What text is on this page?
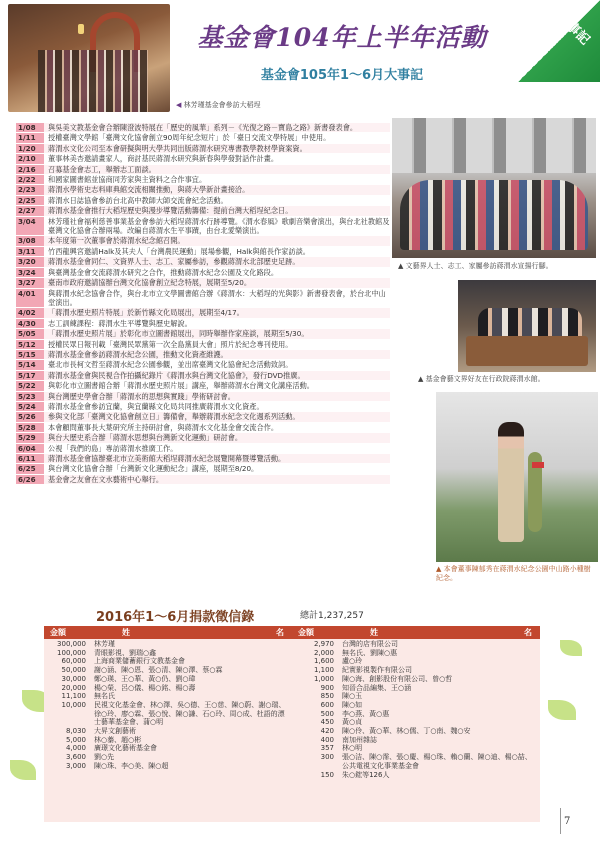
基金會104年上半年活動
基金會105年1～6月大事記
大事記
◀ 林芳瑾基金會參訪大稻埕
1/08	與吳美文教基金會合辦陳澄波特展在「歷史的風華」系列－《光復之路－寶島之路》新書發表會。
1/11	授權臺灣文學館「臺灣文化協會創立90周年紀念短片」於「臺日交流文學特展」中使用。
1/20	蔣渭水文化公司至本會研擬與明大學共同出版蔣渭水研究專書教學教材學資案資。
2/10	董事林美杏邀請畫家人，商討基民蔣渭水研究與新春與學發對話作計畫。
2/16	召募基金會志工，舉辦志工面談。
2/22	和國家圖書館並協商同芳家與主資料之合作事宜。
2/23	蔣渭水學術史志料庫典館交流相關推動，與蔣大學新計畫接洽。
2/25	蔣渭水日誌協會參訪台北高中教師大師交流會紀念活動。
2/27	蔣渭水基金會推行大稻埕歷史與漫步導覽活動籌備：提前台灣大稻埕紀念日。
3/04	林芳瑾社會福利慈善事業基金會參訪大稻埕蔣渭水行跡導覽。《渭水春風》歌劇音樂會演出，與台北社教館及臺灣文化協會合辦兩場。改編自蔣渭水生平事蹟，由台北愛樂演出。
3/08	本年度第一次董事會於蔣渭水紀念館召開。
3/11	竹西龍興宮邀請Halk及其夫人「台灣農民運動」展場參觀，Halk與館長作家訪談。
3/20	蔣渭水基金會同仁、文資界人士、志工、家屬參訪，參觀蔣渭水北部歷史足跡。
3/24	與臺灣基金會交流蔣渭水研究之合作，推動蔣渭水紀念公園及文化路段。
3/27	臺南市政府邀請協辦台灣文化協會創立紀念特展，展期至5/20。
4/01	與蔣渭水紀念協會合作，與台北市立文學圖書館合辦《蔣渭水：大稻埕的光與影》新書發表會，於台北中山堂演出。
4/02	「蔣渭水歷史照片特展」於新竹縣文化局展出，展期至4/17。
4/30	志工訓練課程：蔣渭水生平導覽與歷史解說。
5/05	「蔣渭水歷史照片展」於彰化市立圖書館展出，同時舉辦作家座談，展期至5/30。
5/12	授權民眾日報刊載「臺灣民眾黨第一次全島黨員大會」照片於紀念專刊使用。
5/15	蔣渭水基金會參訪蔣渭水紀念公園，推動文化資產維護。
5/14	臺北市長柯文哲至蔣渭水紀念公園參觀，並出席臺灣文化協會紀念活動致詞。
5/17	蔣渭水基金會與民視合作拍攝紀錄片《蔣渭水與台灣文化協會》，發行DVD推廣。
5/22	與彰化市立圖書館合辦「蔣渭水歷史照片展」講座，舉辦蔣渭水台灣文化講座活動。
5/23	與台灣歷史學會合辦「蔣渭水的思想與實踐」學術研討會。
5/24	蔣渭水基金會參訪宜蘭，與宜蘭縣文化局共同推廣蔣渭水文化資產。
5/26	參與文化部「臺灣文化協會創立日」籌備會，舉辦蔣渭水紀念文化週系列活動。
5/28	本會顧問董事長大葉研究所主持研討會，與蔣渭水文化基金會交流合作。
5/29	與台大歷史系合辦「蔣渭水思想與台灣新文化運動」研討會。
6/04	公視「我們的島」專訪蔣渭水推廣工作。
6/11	蔣渭水基金會協辦臺北市立美術館大稻埕蔣渭水紀念展覽開幕暨導覽活動。
6/25	與台灣文化協會合辦「台灣新文化運動紀念」講座，展期至8/20。
6/26	基金會之友會在文水藝術中心舉行。
▲ 文藝界人士、志工、家屬參訪蔣渭水宣揚行腳。
▲ 基金會藝文界好友在行政院蔣渭水館。
▲ 本會董事陳郁秀在蔣渭水紀念公園中山路小種樹紀念。
2016年1～6月捐款徵信錄	總計1,237,257
金額	姓	名	金額	姓	名
300,000	林芳瑾
100,000	青眼影視、劉瑞○鑫
60,000	上海商業儲蓄銀行文教基金會
50,000	謝○涵、陳○恩、張○清、陳○澤、蔡○霖
30,000	鄭○瑛、王○華、黃○仍、劉○瑋
20,000	楊○榮、呂○儀、楊○銘、楊○壽
11,100	無名氏
10,000	民視文化基金會、林○澤、吳○德、王○慈、陳○蔚、謝○瑞、徐○玲、廖○霖、張○悅、陳○謙、石○玲、周○成、杜語的漂士藝華基金會、蒲○明
8,030	大昇文創藝術
5,000	林○蓁、趙○彬
4,000	廣璟文化藝術基金會
3,600	劉○先
3,000	陳○珠、李○美、陳○超
2,970	台灣的店有限公司
2,000	無名氏、劉陳○惠
1,600	盧○玲
1,100	紀實影視製作有限公司
1,000	陳○海、創影股份有限公司、曾○哲
900	知晉合品編集、王○涵
850	陳○玉
600	陳○如
500	李○燕、黃○惠
450	黃○貞
420	陳○伶、黃○華、林○儒、丁○南、魏○安
400	南加州雜誌
357	林○明
300	張○洁、陳○霈、張○慶、楊○珠、賴○蘭、陳○迪、楊○喆、公共電視文化事業基金會
150	朱○鋐等126人
7
